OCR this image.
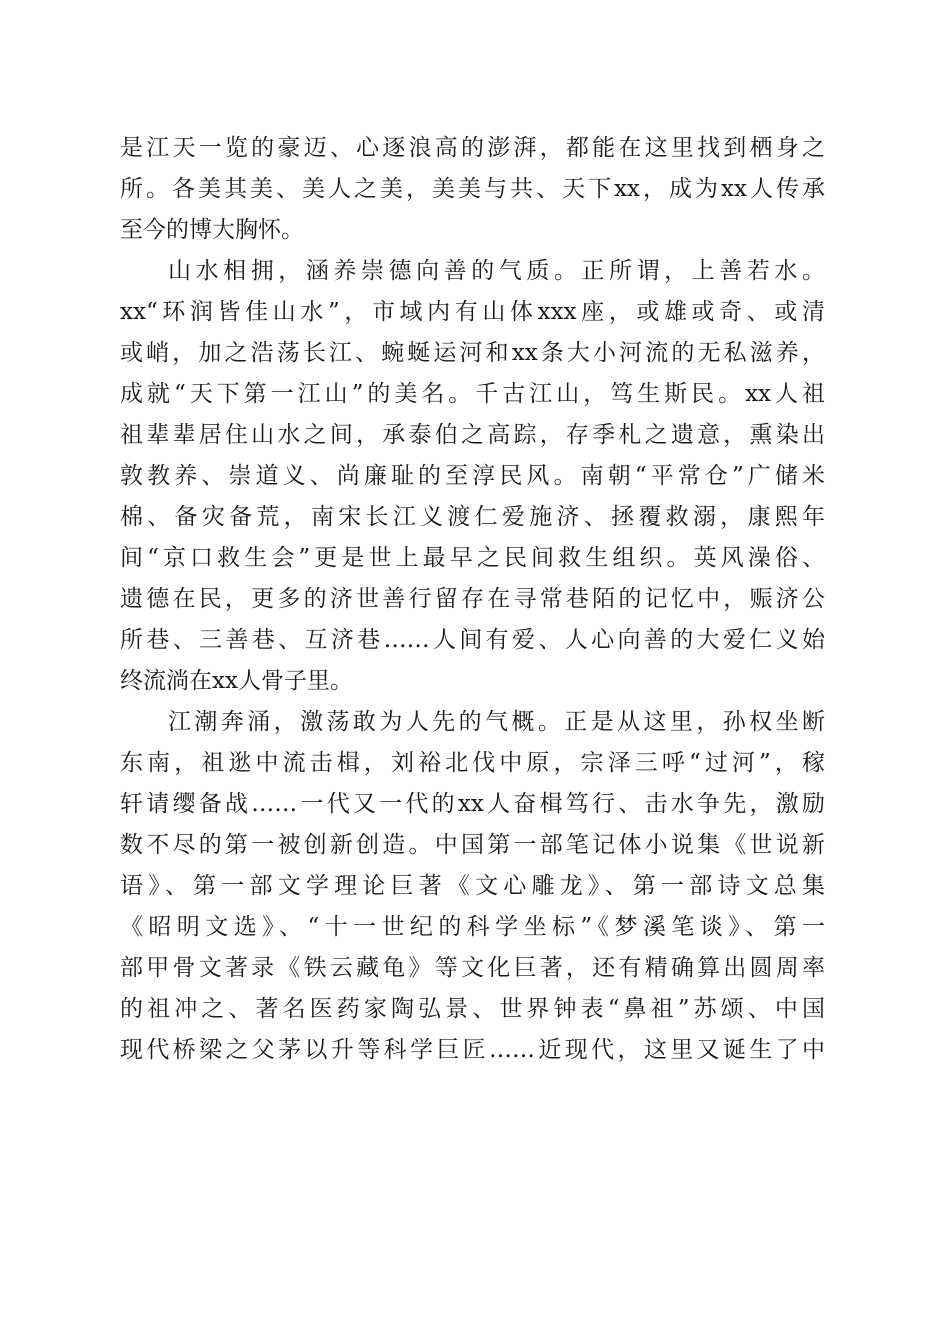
是江天一览的豪迈、心逐浪高的澎湃，都能在这里找到栖身之
所。各美其美、美人之美，美美与共、天下xx，成为xx人传承
至今的博大胸怀。
山水相拥，涵养崇德向善的气质。正所谓，上善若水。
xx“环润皆佳山水”，市域内有山体xxx座，或雄或奇、或清
或峭，加之浩荡长江、蜿蜒运河和xx条大小河流的无私滋养，
成就“天下第一江山”的美名。千古江山，笃生斯民。xx人祖
祖辈辈居住山水之间，承泰伯之高踪，存季札之遗意，熏染出
敦教养、崇道义、尚廉耻的至淳民风。南朝“平常仓”广储米
棉、备灾备荒，南宋长江义渡仁爱施济、拯覆救溺，康熙年
间“京口救生会”更是世上最早之民间救生组织。英风澡俗、
遗德在民，更多的济世善行留存在寻常巷陌的记忆中，赈济公
所巷、三善巷、互济巷……人间有爱、人心向善的大爱仁义始
终流淌在xx人骨子里。
江潮奔涌，激荡敢为人先的气概。正是从这里，孙权坐断
东南，祖逖中流击楫，刘裕北伐中原，宗泽三呼“过河”，稼
轩请缨备战……一代又一代的xx人奋楫笃行、击水争先，激励
数不尽的第一被创新创造。中国第一部笔记体小说集《世说新
语》、第一部文学理论巨著《文心雕龙》、第一部诗文总集
《昭明文选》、“十一世纪的科学坐标”《梦溪笔谈》、第一
部甲骨文著录《铁云藏龟》等文化巨著，还有精确算出圆周率
的祖冲之、著名医药家陶弘景、世界钟表“鼻祖”苏颂、中国
现代桥梁之父茅以升等科学巨匠……近现代，这里又诞生了中
